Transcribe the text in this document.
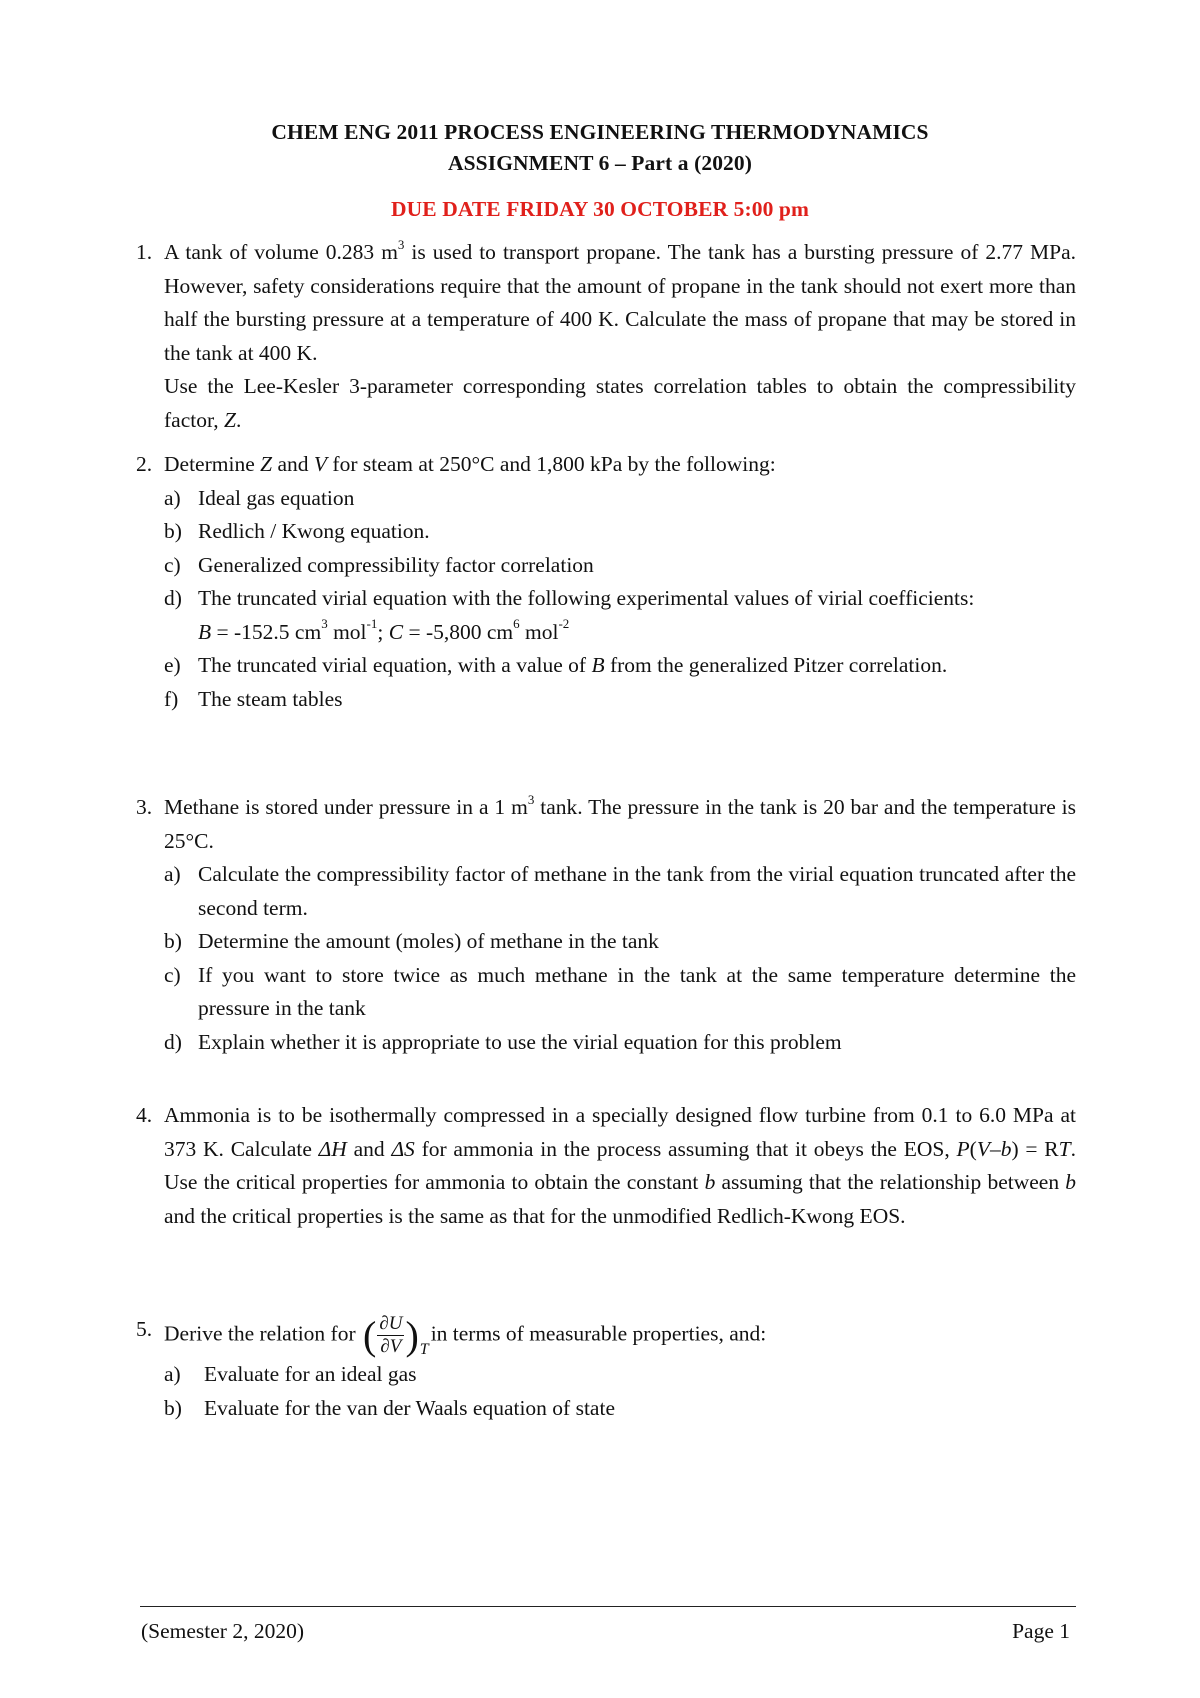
CHEM ENG 2011 PROCESS ENGINEERING THERMODYNAMICS
ASSIGNMENT 6 – Part a (2020)
DUE DATE FRIDAY 30 OCTOBER 5:00 pm
1. A tank of volume 0.283 $m^3$ is used to transport propane. The tank has a bursting pressure of 2.77 MPa. However, safety considerations require that the amount of propane in the tank should not exert more than half the bursting pressure at a temperature of 400 K. Calculate the mass of propane that may be stored in the tank at 400 K.

Use the Lee-Kesler 3-parameter corresponding states correlation tables to obtain the compressibility factor, Z.

2. Determine Z and V for steam at 250°C and 1,800 kPa by the following:

a) Ideal gas equation
b) Redlich / Kwong equation.
c) Generalized compressibility factor correlation
d) The truncated virial equation with the following experimental values of virial coefficients:
B = -152.5 $cm^3$ mol$^{-1}$; C = -5,800 $cm^6$ mol$^{-2}$
e) The truncated virial equation, with a value of B from the generalized Pitzer correlation.
f) The steam tables
3. Methane is stored under pressure in a 1 $m^3$ tank. The pressure in the tank is 20 bar and the temperature is 25°C.

a) Calculate the compressibility factor of methane in the tank from the virial equation truncated after the second term.
b) Determine the amount (moles) of methane in the tank
c) If you want to store twice as much methane in the tank at the same temperature determine the pressure in the tank
d) Explain whether it is appropriate to use the virial equation for this problem
4. Ammonia is to be isothermally compressed in a specially designed flow turbine from 0.1 to 6.0 MPa at 373 K. Calculate ΔH and ΔS for ammonia in the process assuming that it obeys the EOS, P(V–b) = RT. Use the critical properties for ammonia to obtain the constant b assuming that the relationship between b and the critical properties is the same as that for the unmodified Redlich-Kwong EOS.

5. Derive the relation for ( $\frac{\partial U}{\partial V}$ ) T
in terms of measurable properties, and:

a)	Evaluate for an ideal gas
b)	Evaluate for the van der Waals equation of state
(Semester 2, 2020)	Page 1
